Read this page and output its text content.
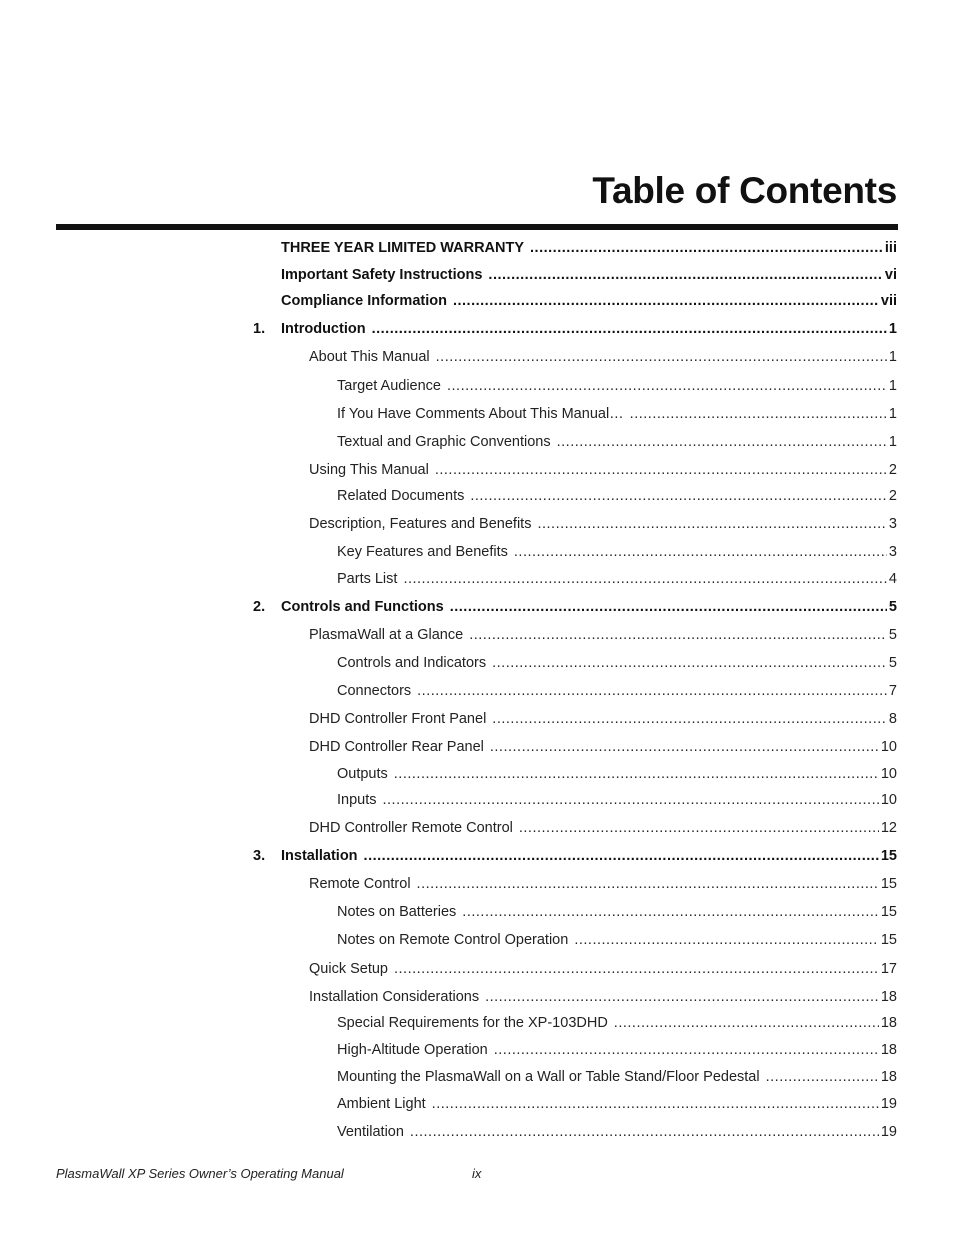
Table of Contents
THREE YEAR LIMITED WARRANTY .....	iii
Important Safety Instructions .....	vi
Compliance Information .....	vii
1.	Introduction .....	1
About This Manual .....	1
Target Audience .....	1
If You Have Comments About This Manual… .....	1
Textual and Graphic Conventions .....	1
Using This Manual .....	2
Related Documents .....	2
Description, Features and Benefits .....	3
Key Features and Benefits .....	3
Parts List .....	4
2.	Controls and Functions .....	5
PlasmaWall at a Glance .....	5
Controls and Indicators .....	5
Connectors .....	7
DHD Controller Front Panel .....	8
DHD Controller Rear Panel .....	10
Outputs .....	10
Inputs .....	10
DHD Controller Remote Control .....	12
3.	Installation .....	15
Remote Control .....	15
Notes on Batteries .....	15
Notes on Remote Control Operation .....	15
Quick Setup .....	17
Installation Considerations .....	18
Special Requirements for the XP-103DHD .....	18
High-Altitude Operation .....	18
Mounting the PlasmaWall on a Wall or Table Stand/Floor Pedestal .....	18
Ambient Light .....	19
Ventilation .....	19
PlasmaWall XP Series Owner’s Operating Manual	ix
